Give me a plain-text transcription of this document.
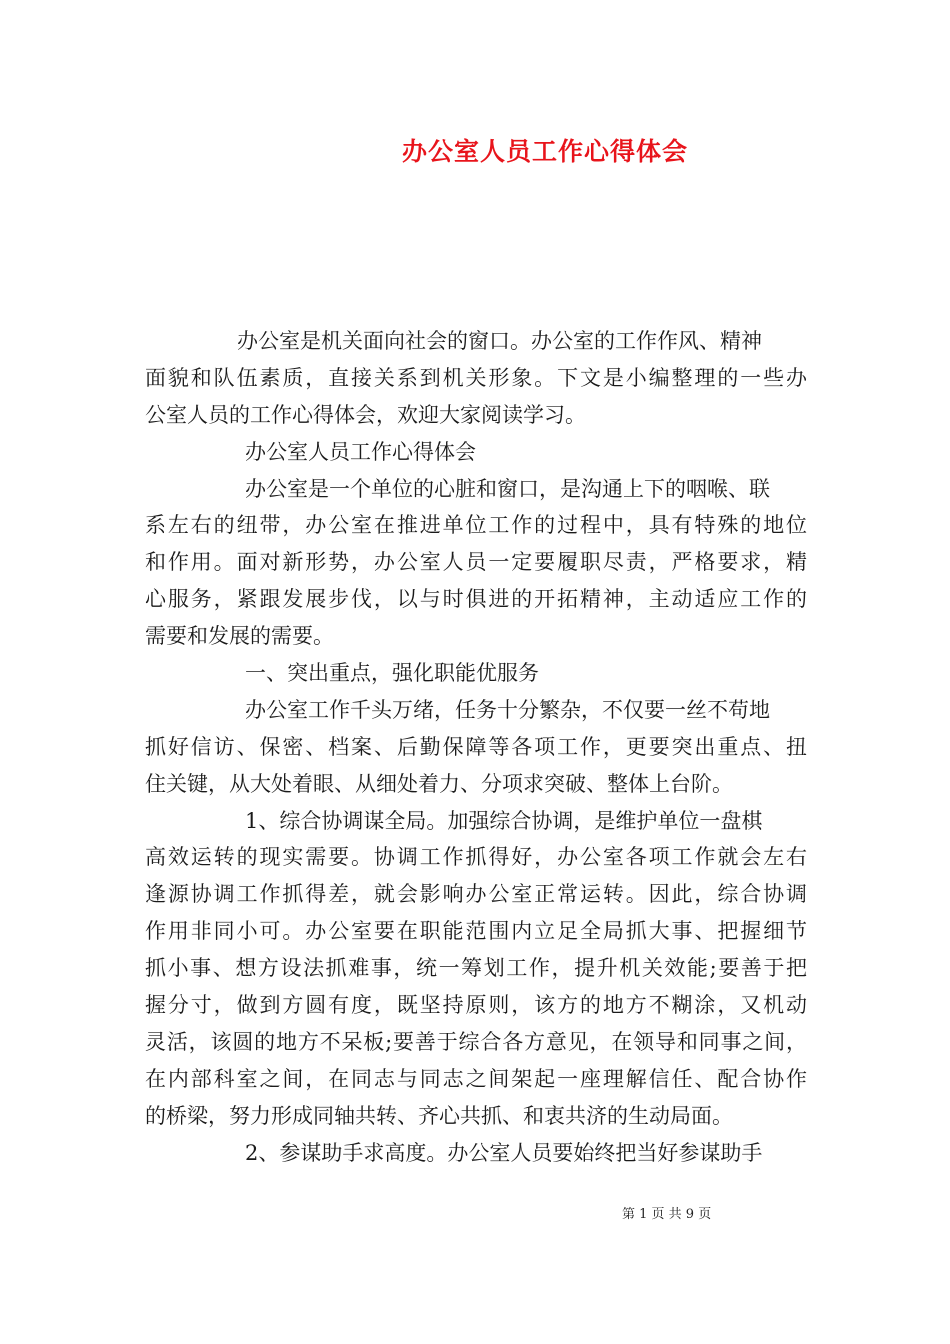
办公室人员工作心得体会
办公室是机关面向社会的窗口。办公室的工作作风、精神
面貌和队伍素质，直接关系到机关形象。下文是小编整理的一些办
公室人员的工作心得体会，欢迎大家阅读学习。
办公室人员工作心得体会
办公室是一个单位的心脏和窗口，是沟通上下的咽喉、联
系左右的纽带，办公室在推进单位工作的过程中，具有特殊的地位
和作用。面对新形势，办公室人员一定要履职尽责，严格要求，精
心服务，紧跟发展步伐，以与时俱进的开拓精神，主动适应工作的
需要和发展的需要。
一、突出重点，强化职能优服务
办公室工作千头万绪，任务十分繁杂，不仅要一丝不苟地
抓好信访、保密、档案、后勤保障等各项工作，更要突出重点、扭
住关键，从大处着眼、从细处着力、分项求突破、整体上台阶。
1、综合协调谋全局。加强综合协调，是维护单位一盘棋
高效运转的现实需要。协调工作抓得好，办公室各项工作就会左右
逢源协调工作抓得差，就会影响办公室正常运转。因此，综合协调
作用非同小可。办公室要在职能范围内立足全局抓大事、把握细节
抓小事、想方设法抓难事，统一筹划工作，提升机关效能;要善于把
握分寸，做到方圆有度，既坚持原则，该方的地方不糊涂，又机动
灵活，该圆的地方不呆板;要善于综合各方意见，在领导和同事之间，
在内部科室之间，在同志与同志之间架起一座理解信任、配合协作
的桥梁，努力形成同轴共转、齐心共抓、和衷共济的生动局面。
2、参谋助手求高度。办公室人员要始终把当好参谋助手
第 1 页 共 9 页
